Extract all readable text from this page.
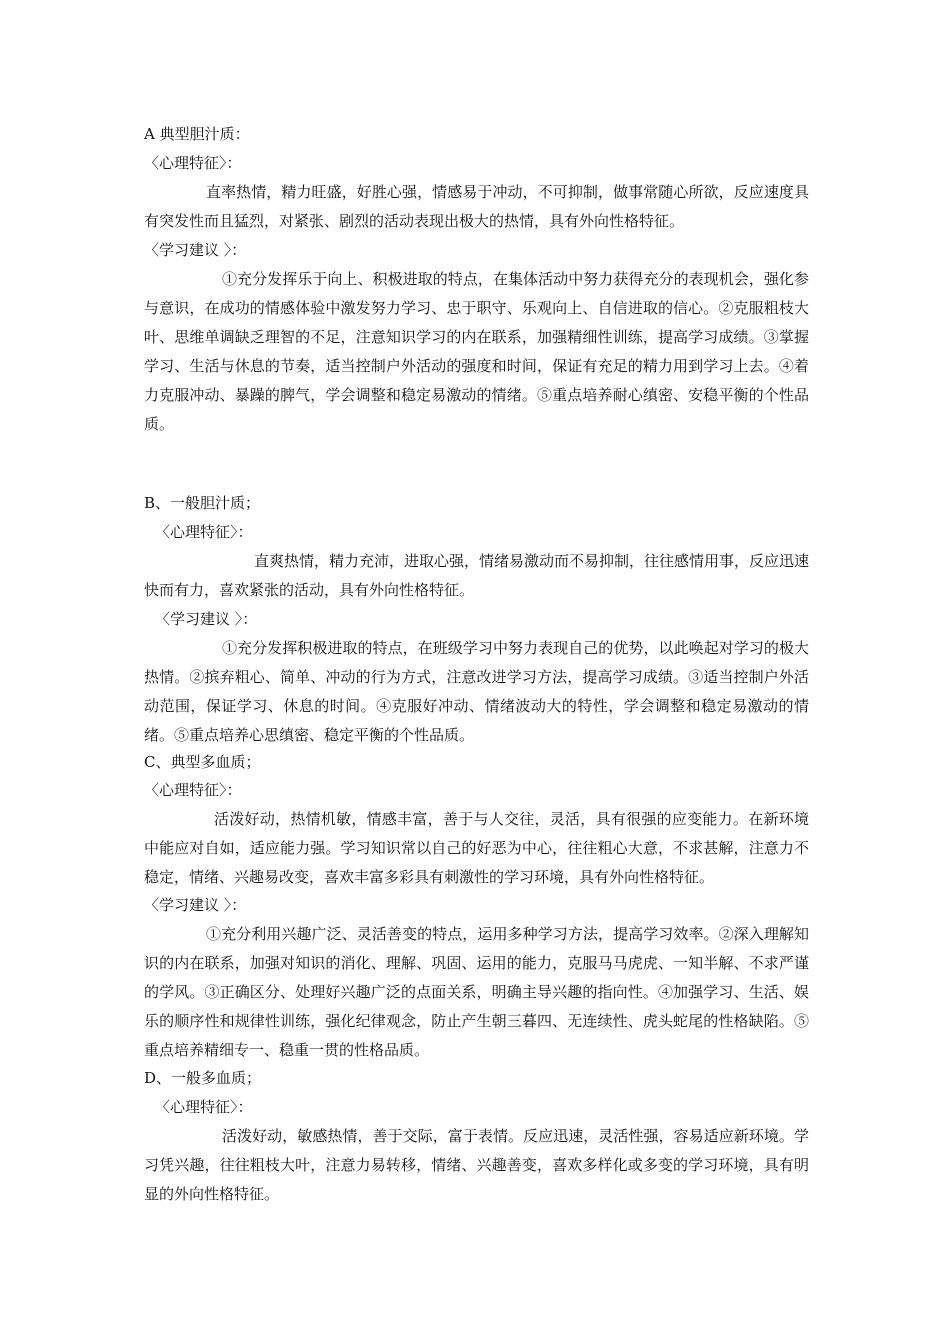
A 典型胆汁质：
〈心理特征〉：
直率热情，精力旺盛，好胜心强，情感易于冲动，不可抑制，做事常随心所欲，反应速度具有突发性而且猛烈，对紧张、剧烈的活动表现出极大的热情，具有外向性格特征。
〈学习建议 〉：
①充分发挥乐于向上、积极进取的特点，在集体活动中努力获得充分的表现机会，强化参与意识，在成功的情感体验中激发努力学习、忠于职守、乐观向上、自信进取的信心。②克服粗枝大叶、思维单调缺乏理智的不足，注意知识学习的内在联系，加强精细性训练，提高学习成绩。③掌握学习、生活与休息的节奏，适当控制户外活动的强度和时间，保证有充足的精力用到学习上去。④着力克服冲动、暴躁的脾气，学会调整和稳定易激动的情绪。⑤重点培养耐心缜密、安稳平衡的个性品质。
B、一般胆汁质；
〈心理特征〉：
直爽热情，精力充沛，进取心强，情绪易激动而不易抑制，往往感情用事，反应迅速快而有力，喜欢紧张的活动，具有外向性格特征。
〈学习建议 〉：
①充分发挥积极进取的特点，在班级学习中努力表现自己的优势，以此唤起对学习的极大热情。②摈弃粗心、简单、冲动的行为方式，注意改进学习方法，提高学习成绩。③适当控制户外活动范围，保证学习、休息的时间。④克服好冲动、情绪波动大的特性，学会调整和稳定易激动的情绪。⑤重点培养心思缜密、稳定平衡的个性品质。
C、典型多血质；
〈心理特征〉：
活泼好动，热情机敏，情感丰富，善于与人交往，灵活，具有很强的应变能力。在新环境中能应对自如，适应能力强。学习知识常以自己的好恶为中心，往往粗心大意，不求甚解，注意力不稳定，情绪、兴趣易改变，喜欢丰富多彩具有刺激性的学习环境，具有外向性格特征。
〈学习建议 〉：
①充分利用兴趣广泛、灵活善变的特点，运用多种学习方法，提高学习效率。②深入理解知识的内在联系，加强对知识的消化、理解、巩固、运用的能力，克服马马虎虎、一知半解、不求严谨的学风。③正确区分、处理好兴趣广泛的点面关系，明确主导兴趣的指向性。④加强学习、生活、娱乐的顺序性和规律性训练，强化纪律观念，防止产生朝三暮四、无连续性、虎头蛇尾的性格缺陷。⑤重点培养精细专一、稳重一贯的性格品质。
D、一般多血质；
〈心理特征〉：
活泼好动，敏感热情，善于交际，富于表情。反应迅速，灵活性强，容易适应新环境。学习凭兴趣，往往粗枝大叶，注意力易转移，情绪、兴趣善变，喜欢多样化或多变的学习环境，具有明显的外向性格特征。
